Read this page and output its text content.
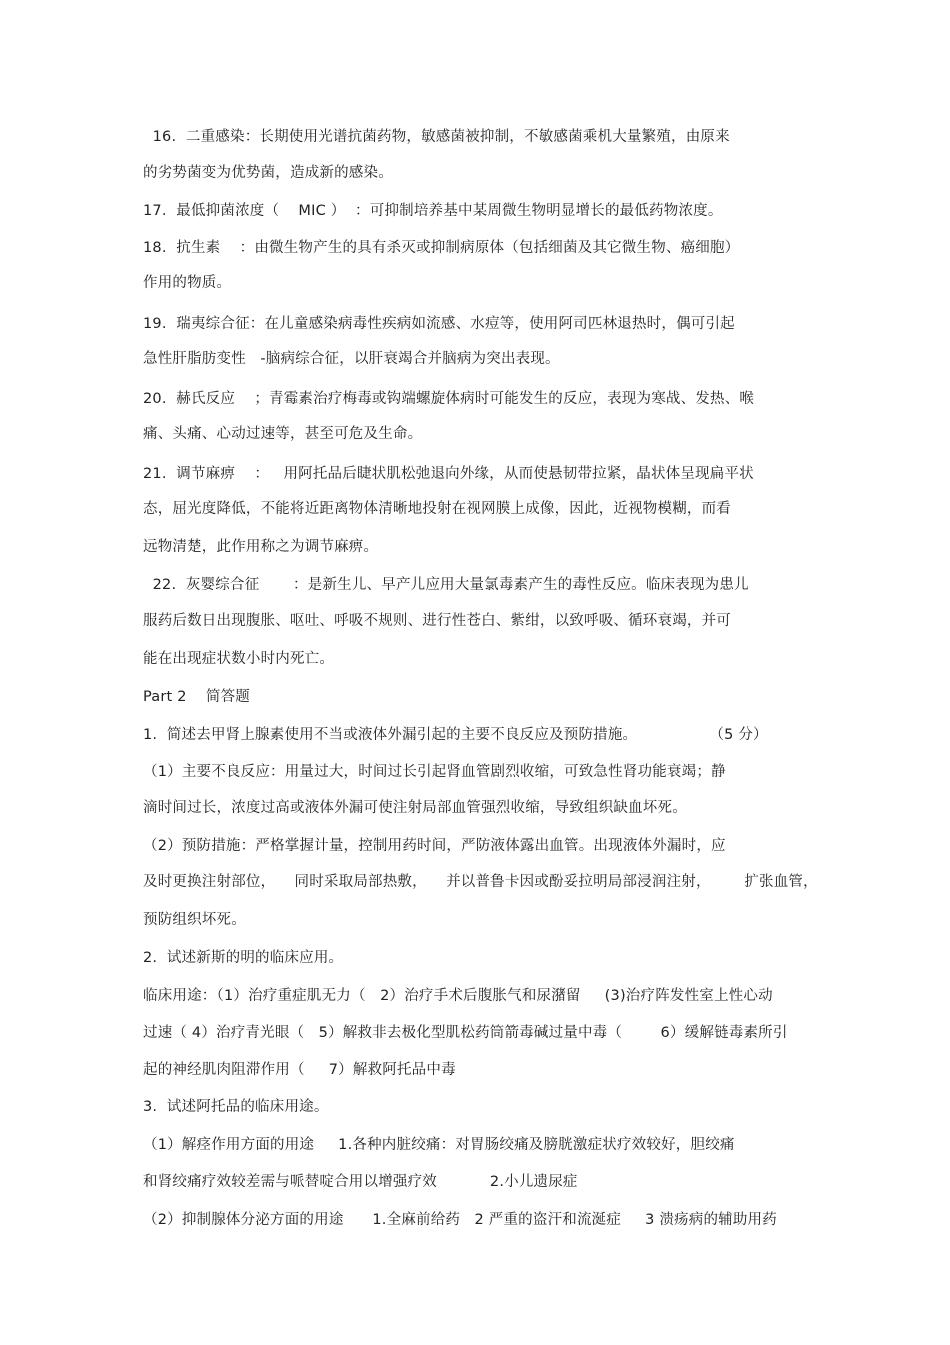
16.  二重感染：长期使用光谱抗菌药物，敏感菌被抑制，不敏感菌乘机大量繁殖，由原来
的劣势菌变为优势菌，造成新的感染。
17.  最低抑菌浓度（    MIC ）  ：可抑制培养基中某周微生物明显增长的最低药物浓度。
18.  抗生素    ：由微生物产生的具有杀灭或抑制病原体（包括细菌及其它微生物、癌细胞）
作用的物质。
19.  瑞夷综合征：在儿童感染病毒性疾病如流感、水痘等，使用阿司匹林退热时，偶可引起
急性肝脂肪变性   -脑病综合征，以肝衰竭合并脑病为突出表现。
20.  赫氏反应    ；青霉素治疗梅毒或钩端螺旋体病时可能发生的反应，表现为寒战、发热、喉
痛、头痛、心动过速等，甚至可危及生命。
21.  调节麻痹    ：   用阿托品后睫状肌松弛退向外缘，从而使悬韧带拉紧，晶状体呈现扁平状
态，屈光度降低，不能将近距离物体清晰地投射在视网膜上成像，因此，近视物模糊，而看
远物清楚，此作用称之为调节麻痹。
22.  灰婴综合征       ：是新生儿、早产儿应用大量氯毒素产生的毒性反应。临床表现为患儿
服药后数日出现腹胀、呕吐、呼吸不规则、进行性苍白、紫绀，以致呼吸、循环衰竭，并可
能在出现症状数小时内死亡。
Part 2    简答题
1.  简述去甲肾上腺素使用不当或液体外漏引起的主要不良反应及预防措施。               （5 分）
（1）主要不良反应：用量过大，时间过长引起肾血管剧烈收缩，可致急性肾功能衰竭；静
滴时间过长，浓度过高或液体外漏可使注射局部血管强烈收缩，导致组织缺血坏死。
（2）预防措施：严格掌握计量，控制用药时间，严防液体露出血管。出现液体外漏时，应
及时更换注射部位，    同时采取局部热敷，    并以普鲁卡因或酚妥拉明局部浸润注射，       扩张血管，
预防组织坏死。
2.  试述新斯的明的临床应用。
临床用途：（1）治疗重症肌无力（   2）治疗手术后腹胀气和尿潴留     (3)治疗阵发性室上性心动
过速（ 4）治疗青光眼（   5）解救非去极化型肌松药筒箭毒碱过量中毒（        6）缓解链毒素所引
起的神经肌肉阻滞作用（     7）解救阿托品中毒
3.  试述阿托品的临床用途。
（1）解痉作用方面的用途     1.各种内脏绞痛：对胃肠绞痛及膀胱激症状疗效较好，胆绞痛
和肾绞痛疗效较差需与哌替啶合用以增强疗效           2.小儿遗尿症
（2）抑制腺体分泌方面的用途      1.全麻前给药   2 严重的盗汗和流涎症     3 溃疡病的辅助用药
